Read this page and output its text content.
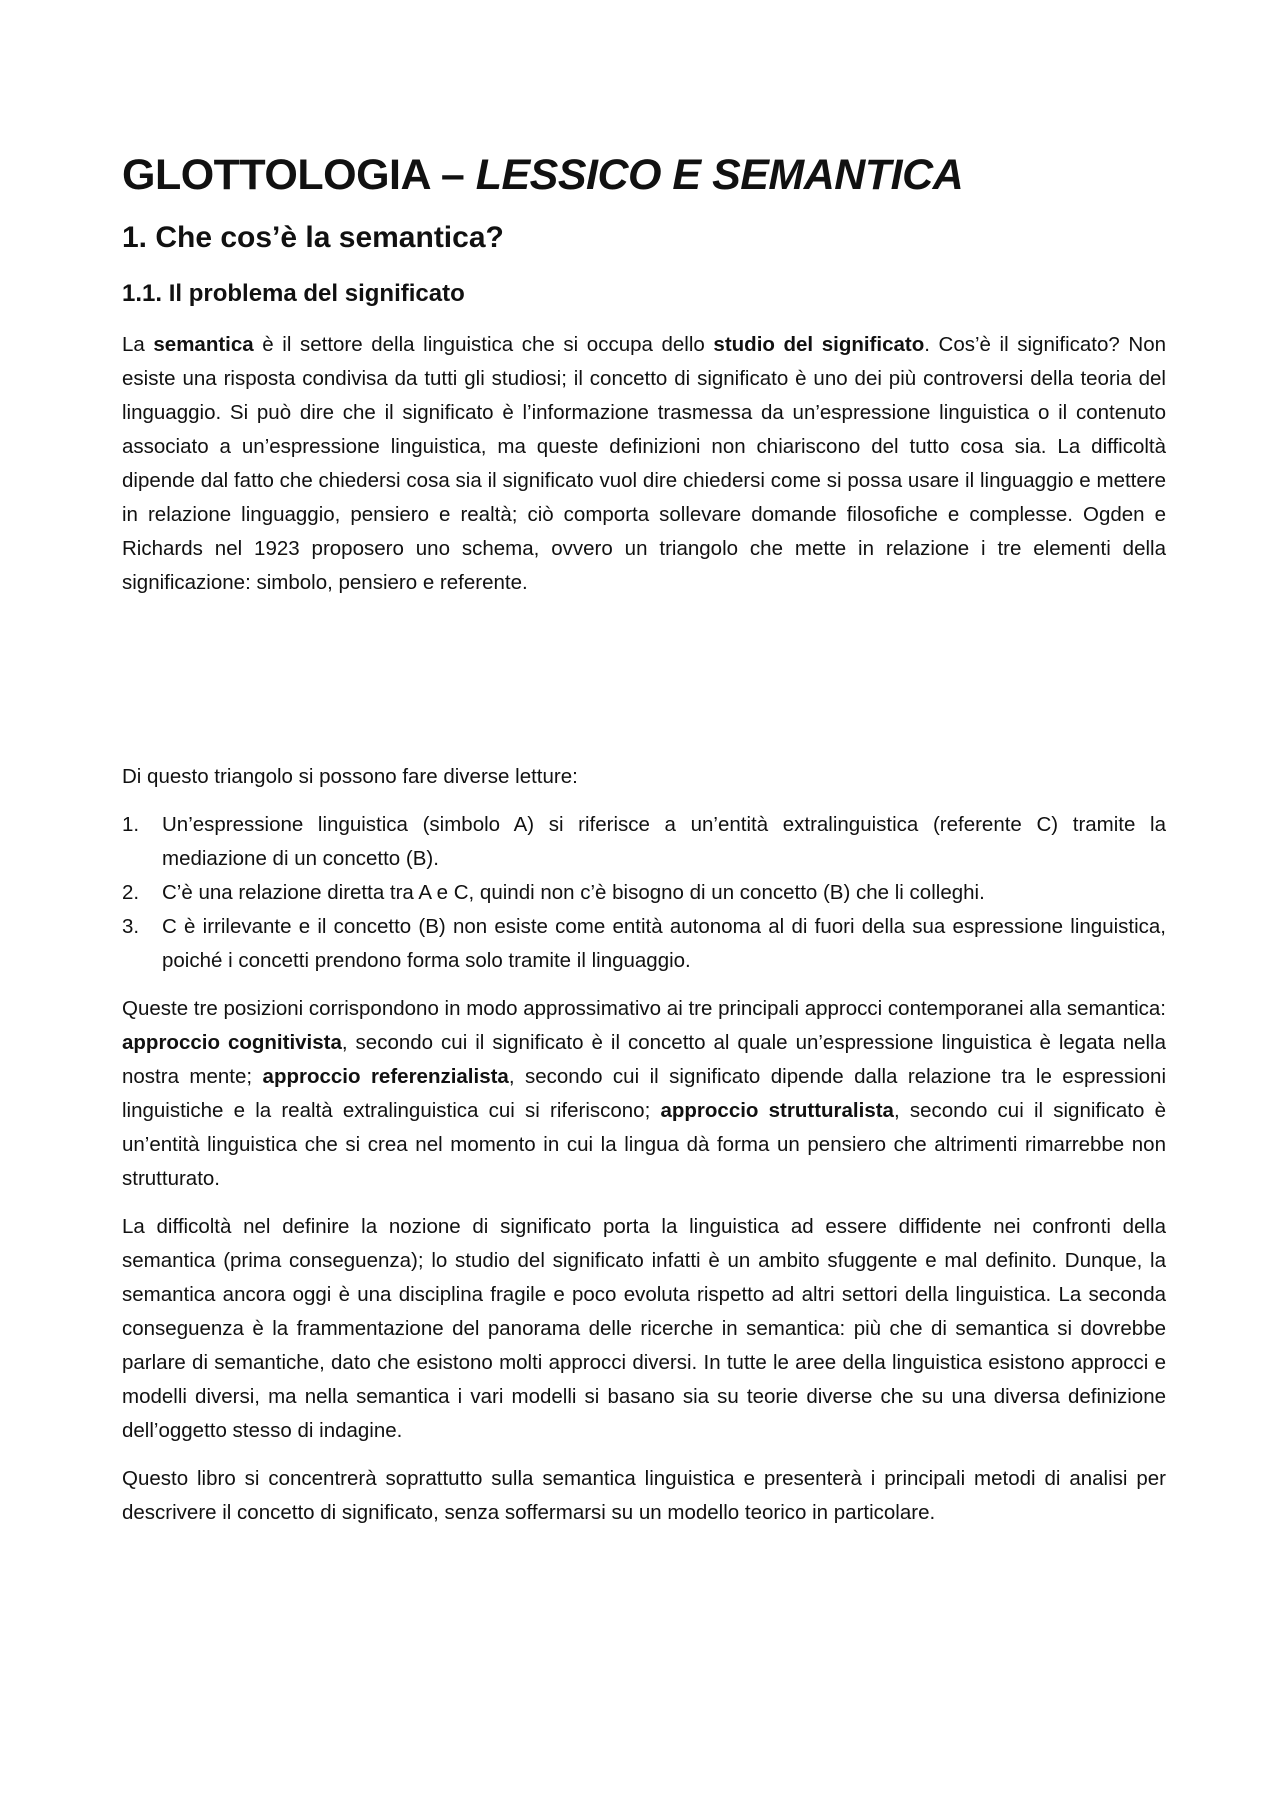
GLOTTOLOGIA – LESSICO E SEMANTICA
1. Che cos’è la semantica?
1.1. Il problema del significato

La semantica è il settore della linguistica che si occupa dello studio del significato. Cos’è il significato? Non esiste una risposta condivisa da tutti gli studiosi; il concetto di significato è uno dei più controversi della teoria del linguaggio. Si può dire che il significato è l’informazione trasmessa da un’espressione linguistica o il contenuto associato a un’espressione linguistica, ma queste definizioni non chiariscono del tutto cosa sia. La difficoltà dipende dal fatto che chiedersi cosa sia il significato vuol dire chiedersi come si possa usare il linguaggio e mettere in relazione linguaggio, pensiero e realtà; ciò comporta sollevare domande filosofiche e complesse. Ogden e Richards nel 1923 proposero uno schema, ovvero un triangolo che mette in relazione i tre elementi della significazione: simbolo, pensiero e referente.

Di questo triangolo si possono fare diverse letture:

1.	Un’espressione linguistica (simbolo A) si riferisce a un’entità extralinguistica (referente C) tramite la mediazione di un concetto (B).
2.	C’è una relazione diretta tra A e C, quindi non c’è bisogno di un concetto (B) che li colleghi.
3.	C è irrilevante e il concetto (B) non esiste come entità autonoma al di fuori della sua espressione linguistica, poiché i concetti prendono forma solo tramite il linguaggio.

Queste tre posizioni corrispondono in modo approssimativo ai tre principali approcci contemporanei alla semantica: approccio cognitivista, secondo cui il significato è il concetto al quale un’espressione linguistica è legata nella nostra mente; approccio referenzialista, secondo cui il significato dipende dalla relazione tra le espressioni linguistiche e la realtà extralinguistica cui si riferiscono; approccio strutturalista, secondo cui il significato è un’entità linguistica che si crea nel momento in cui la lingua dà forma un pensiero che altrimenti rimarrebbe non strutturato.

La difficoltà nel definire la nozione di significato porta la linguistica ad essere diffidente nei confronti della semantica (prima conseguenza); lo studio del significato infatti è un ambito sfuggente e mal definito. Dunque, la semantica ancora oggi è una disciplina fragile e poco evoluta rispetto ad altri settori della linguistica. La seconda conseguenza è la frammentazione del panorama delle ricerche in semantica: più che di semantica si dovrebbe parlare di semantiche, dato che esistono molti approcci diversi. In tutte le aree della linguistica esistono approcci e modelli diversi, ma nella semantica i vari modelli si basano sia su teorie diverse che su una diversa definizione dell’oggetto stesso di indagine.

Questo libro si concentrerà soprattutto sulla semantica linguistica e presenterà i principali metodi di analisi per descrivere il concetto di significato, senza soffermarsi su un modello teorico in particolare.
